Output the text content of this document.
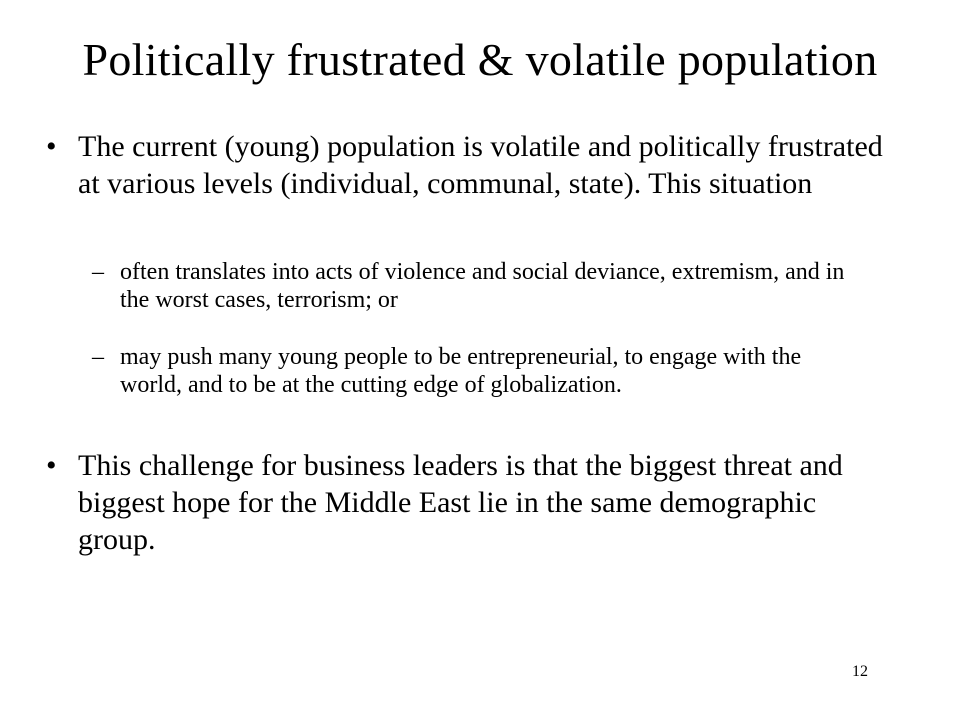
Politically frustrated & volatile population
• The current (young) population is volatile and politically frustrated at various levels (individual, communal, state). This situation
– often translates into acts of violence and social deviance, extremism, and in the worst cases, terrorism; or
– may push many young people to be entrepreneurial, to engage with the world, and to be at the cutting edge of globalization.
• This challenge for business leaders is that the biggest threat and biggest hope for the Middle East lie in the same demographic group.
12
